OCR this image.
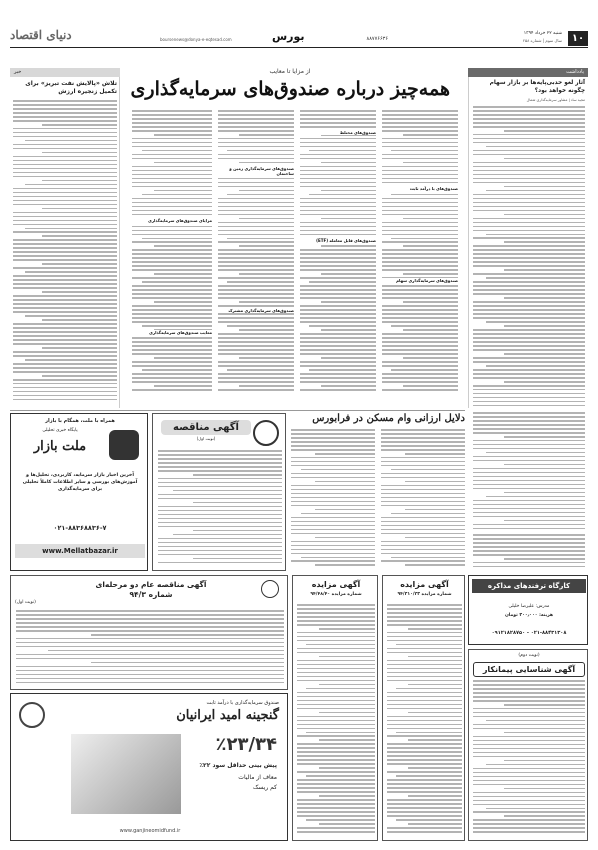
۱۰
شنبه ۲۲ خرداد ۱۳۹۴
سال سوم | شماره ۲۵۸
۸۸۷۷۶۶۳۶
بورس
boursenews@donya-e-eqtesad.com
دنیای اقتصاد
یادداشت
آثار لغو حدبی‌پایه‌ها بر بازار سهام چگونه خواهد بود؟
مجید ساد | مشاور سرمایه‌گذاری شمال
از مزایا تا معایب
همه‌چیز درباره صندوق‌های سرمایه‌گذاری
صندوق‌های با درآمد ثابت
صندوق‌های سرمایه‌گذاری سهام
صندوق‌های مختلط
صندوق‌های قابل معامله (ETF)
صندوق‌های سرمایه‌گذاری زمین و ساختمان
صندوق‌های سرمایه‌گذاری مشترک
مزایای صندوق‌های سرمایه‌گذاری
معایب صندوق‌های سرمایه‌گذاری
خبر
تلاش «پالایش نفت تبریز» برای تکمیل زنجیره ارزش
دلایل ارزانی وام مسکن در فرابورس
آگهی مناقصه
(نوبت اول)
همراه با ملت، همگام با بازار
پایگاه خبری تحلیلی
ملت بازار
آخرین اخبار بازار سرمایه، کاربردی، تحلیل‌ها و آموزش‌های بورسی و سایر اطلاعات کاملاً تحلیلی برای سرمایه‌گذاری
۰۲۱-۸۸۳۶۸۸۳۶-۷
www.Mellatbazar.ir
آگهی مناقصه عام دو مرحله‌ای
شماره ۹۴/۳
(نوبت اول)
صندوق سرمایه‌گذاری با درآمد ثابت
گنجینه امید ایرانیان
٪۲۳/۳۴
پیش بینی حداقل سود ۲۲٪
معاف از مالیات
کم ریسک
www.ganjineomidfund.ir
آگهی مزایده
شماره مزایده ۹۴/۴۸/۴۰
آگهی مزایده
شماره مزایده ۹۴/۳۱۰/۲۳
کارگاه ترفندهای مذاکره
مدرس: علیرضا خلیلی
هزینه: ۳۰۰٫۰۰۰ تومان
۰۲۱-۸۸۴۳۱۳۰۸ - ۰۹۱۲۱۸۲۸۷۵۰
(نوبت دوم)
آگهی شناسایی پیمانکار
